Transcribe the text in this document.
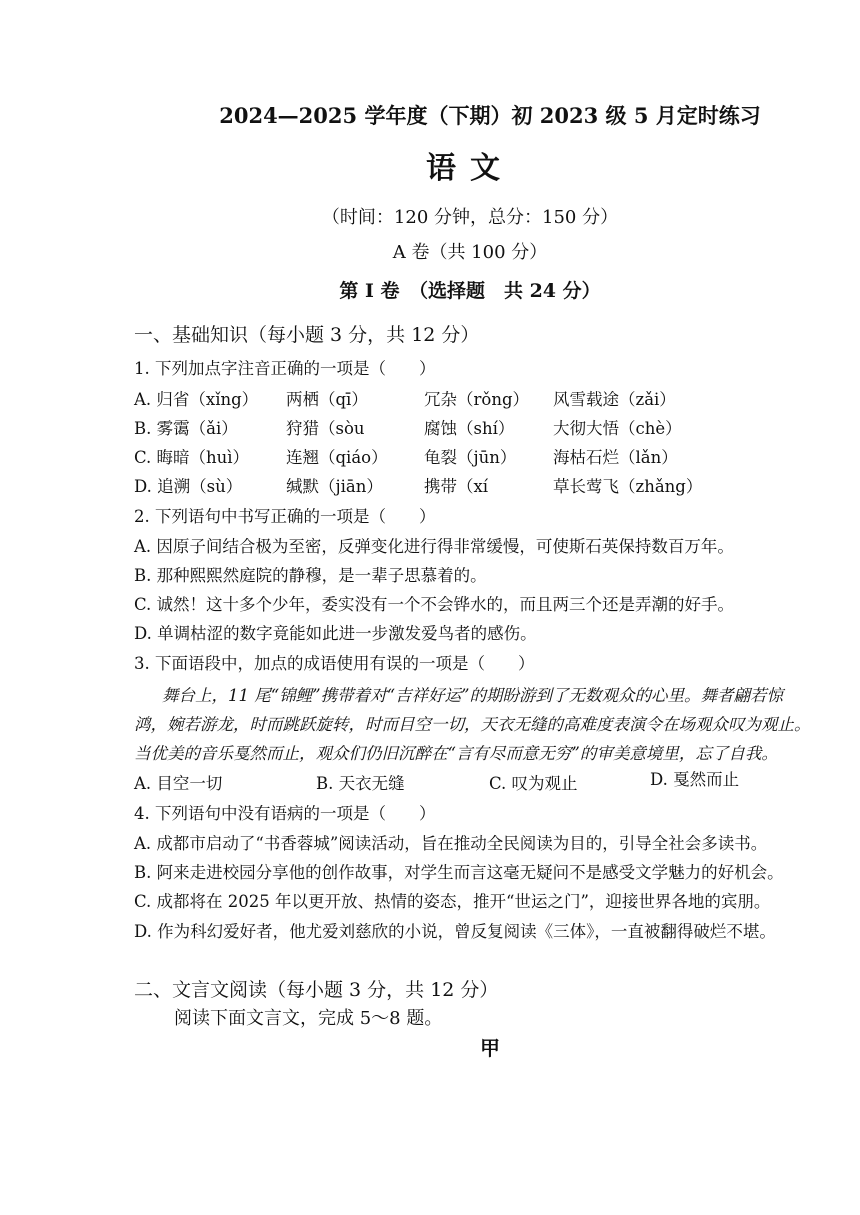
2024—2025 学年度（下期）初 2023 级 5 月定时练习
语文
（时间：120 分钟，总分：150 分）
A 卷（共 100 分）
第 I 卷　（选择题　共 24 分）
一、基础知识（每小题 3 分，共 12 分）
1. 下列加点字注音正确的一项是（　　）
A. 归省（xǐng） 两栖（qī）	冗杂（rǒng） 风雪载途（zǎi）
B. 雾霭（ǎi）	狩猎（sòu	腐蚀（shí） 大彻大悟（chè）
C. 晦暗（huì） 连翘（qiáo） 龟裂（jūn） 海枯石烂（lǎn）
D. 追溯（sù）	缄默（jiān） 携带（xí	草长莺飞（zhǎng）
2. 下列语句中书写正确的一项是（　　）
A. 因原子间结合极为至密，反弹变化进行得非常缓慢，可使斯石英保持数百万年。
B. 那种熙熙然庭院的静穆，是一辈子思慕着的。
C. 诚然！这十多个少年，委实没有一个不会铧水的，而且两三个还是弄潮的好手。
D. 单调枯涩的数字竟能如此进一步激发爱鸟者的感伤。
3. 下面语段中，加点的成语使用有误的一项是（　　）
舞台上，11 尾“锦鲤”携带着对“吉祥好运”的期盼游到了无数观众的心里。舞者翩若惊
鸿，婉若游龙，时而跳跃旋转，时而目空一切，天衣无缝的高难度表演令在场观众叹为观止。
当优美的音乐戛然而止，观众们仍旧沉醉在“言有尽而意无穷”的审美意境里，忘了自我。
A. 目空一切	B. 天衣无缝	C. 叹为观止	D. 戛然而止
4. 下列语句中没有语病的一项是（　　）
A. 成都市启动了“书香蓉城”阅读活动，旨在推动全民阅读为目的，引导全社会多读书。
B. 阿来走进校园分享他的创作故事，对学生而言这毫无疑问不是感受文学魅力的好机会。
C. 成都将在 2025 年以更开放、热情的姿态，推开“世运之门”，迎接世界各地的宾朋。
D. 作为科幻爱好者，他尤爱刘慈欣的小说，曾反复阅读《三体》，一直被翻得破烂不堪。
二、文言文阅读（每小题 3 分，共 12 分）
阅读下面文言文，完成 5～8 题。
甲
